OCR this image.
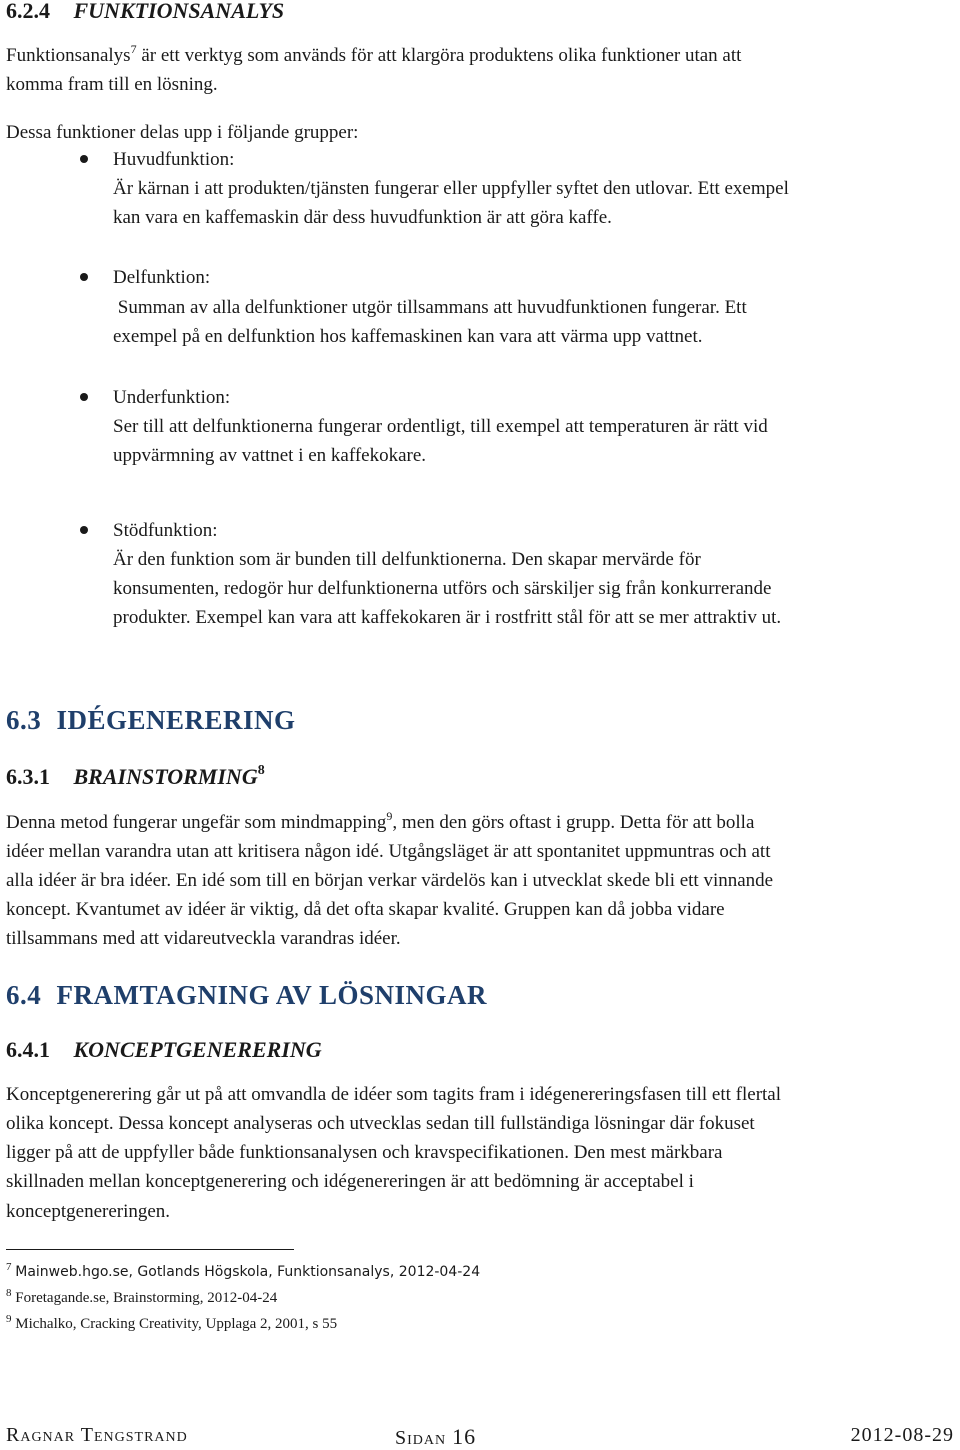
6.2.4 FUNKTIONSANALYS
Funktionsanalys$^7$ är ett verktyg som används för att klargöra produktens olika funktioner utan att
komma fram till en lösning.
Dessa funktioner delas upp i följande grupper:
Huvudfunktion:
Är kärnan i att produkten/tjänsten fungerar eller uppfyller syftet den utlovar. Ett exempel
kan vara en kaffemaskin där dess huvudfunktion är att göra kaffe.
Delfunktion:
Summan av alla delfunktioner utgör tillsammans att huvudfunktionen fungerar. Ett
exempel på en delfunktion hos kaffemaskinen kan vara att värma upp vattnet.
Underfunktion:
Ser till att delfunktionerna fungerar ordentligt, till exempel att temperaturen är rätt vid
uppvärmning av vattnet i en kaffekokare.
Stödfunktion:
Är den funktion som är bunden till delfunktionerna. Den skapar mervärde för
konsumenten, redogör hur delfunktionerna utförs och särskiljer sig från konkurrerande
produkter. Exempel kan vara att kaffekokaren är i rostfritt stål för att se mer attraktiv ut.
6.3 IDÉGENERERING
6.3.1 BRAINSTORMING$^8$
Denna metod fungerar ungefär som mindmapping$^9$, men den görs oftast i grupp. Detta för att bolla
idéer mellan varandra utan att kritisera någon idé. Utgångsläget är att spontanitet uppmuntras och att
alla idéer är bra idéer. En idé som till en början verkar värdelös kan i utvecklat skede bli ett vinnande
koncept. Kvantumet av idéer är viktig, då det ofta skapar kvalité. Gruppen kan då jobba vidare
tillsammans med att vidareutveckla varandras idéer.
6.4 FRAMTAGNING AV LÖSNINGAR
6.4.1 KONCEPTGENERERING
Konceptgenerering går ut på att omvandla de idéer som tagits fram i idégenereringsfasen till ett flertal
olika koncept. Dessa koncept analyseras och utvecklas sedan till fullständiga lösningar där fokuset
ligger på att de uppfyller både funktionsanalysen och kravspecifikationen. Den mest märkbara
skillnaden mellan konceptgenerering och idégenereringen är att bedömning är acceptabel i
konceptgenereringen.
$^7$ Mainweb.hgo.se, Gotlands Högskola, Funktionsanalys, 2012-04-24
$^8$ Foretagande.se, Brainstorming, 2012-04-24
$^9$ Michalko, Cracking Creativity, Upplaga 2, 2001, s 55
Ragnar Tengstrand	Sidan 16	2012-08-29
